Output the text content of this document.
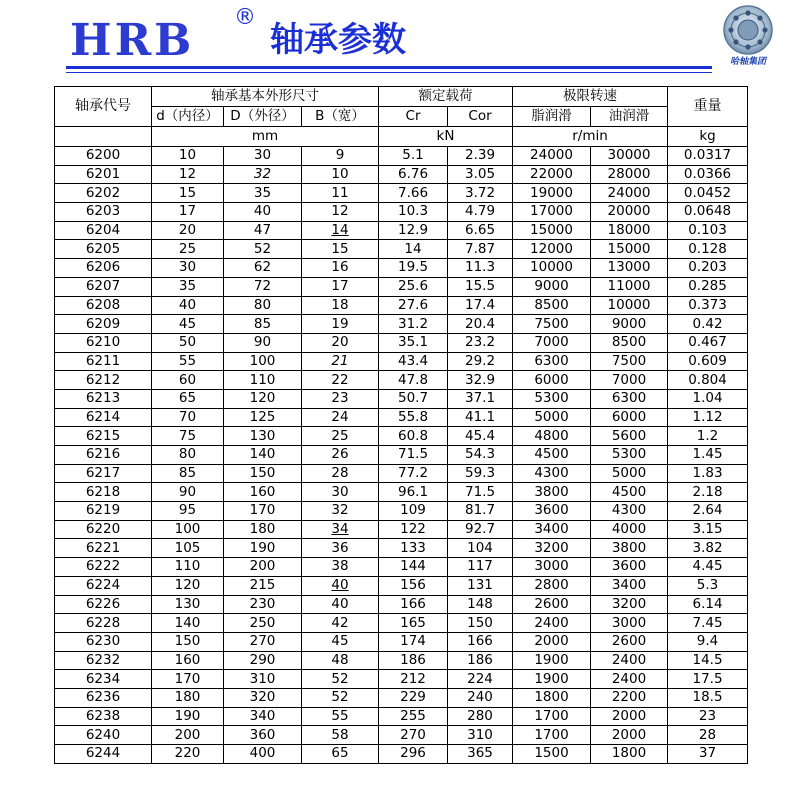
HRB ®
轴承参数
哈轴集团
轴承代号	轴承基本外形尺寸			额定载荷		极限转速		重量
	d（内径）	D（外径）	B（宽）	Cr	Cor	脂润滑	油润滑	
	mm			kN		r/min		kg
6200	10	30	9	5.1	2.39	24000	30000	0.0317
6201	12	32	10	6.76	3.05	22000	28000	0.0366
6202	15	35	11	7.66	3.72	19000	24000	0.0452
6203	17	40	12	10.3	4.79	17000	20000	0.0648
6204	20	47	14	12.9	6.65	15000	18000	0.103
6205	25	52	15	14	7.87	12000	15000	0.128
6206	30	62	16	19.5	11.3	10000	13000	0.203
6207	35	72	17	25.6	15.5	9000	11000	0.285
6208	40	80	18	27.6	17.4	8500	10000	0.373
6209	45	85	19	31.2	20.4	7500	9000	0.42
6210	50	90	20	35.1	23.2	7000	8500	0.467
6211	55	100	21	43.4	29.2	6300	7500	0.609
6212	60	110	22	47.8	32.9	6000	7000	0.804
6213	65	120	23	50.7	37.1	5300	6300	1.04
6214	70	125	24	55.8	41.1	5000	6000	1.12
6215	75	130	25	60.8	45.4	4800	5600	1.2
6216	80	140	26	71.5	54.3	4500	5300	1.45
6217	85	150	28	77.2	59.3	4300	5000	1.83
6218	90	160	30	96.1	71.5	3800	4500	2.18
6219	95	170	32	109	81.7	3600	4300	2.64
6220	100	180	34	122	92.7	3400	4000	3.15
6221	105	190	36	133	104	3200	3800	3.82
6222	110	200	38	144	117	3000	3600	4.45
6224	120	215	40	156	131	2800	3400	5.3
6226	130	230	40	166	148	2600	3200	6.14
6228	140	250	42	165	150	2400	3000	7.45
6230	150	270	45	174	166	2000	2600	9.4
6232	160	290	48	186	186	1900	2400	14.5
6234	170	310	52	212	224	1900	2400	17.5
6236	180	320	52	229	240	1800	2200	18.5
6238	190	340	55	255	280	1700	2000	23
6240	200	360	58	270	310	1700	2000	28
6244	220	400	65	296	365	1500	1800	37
